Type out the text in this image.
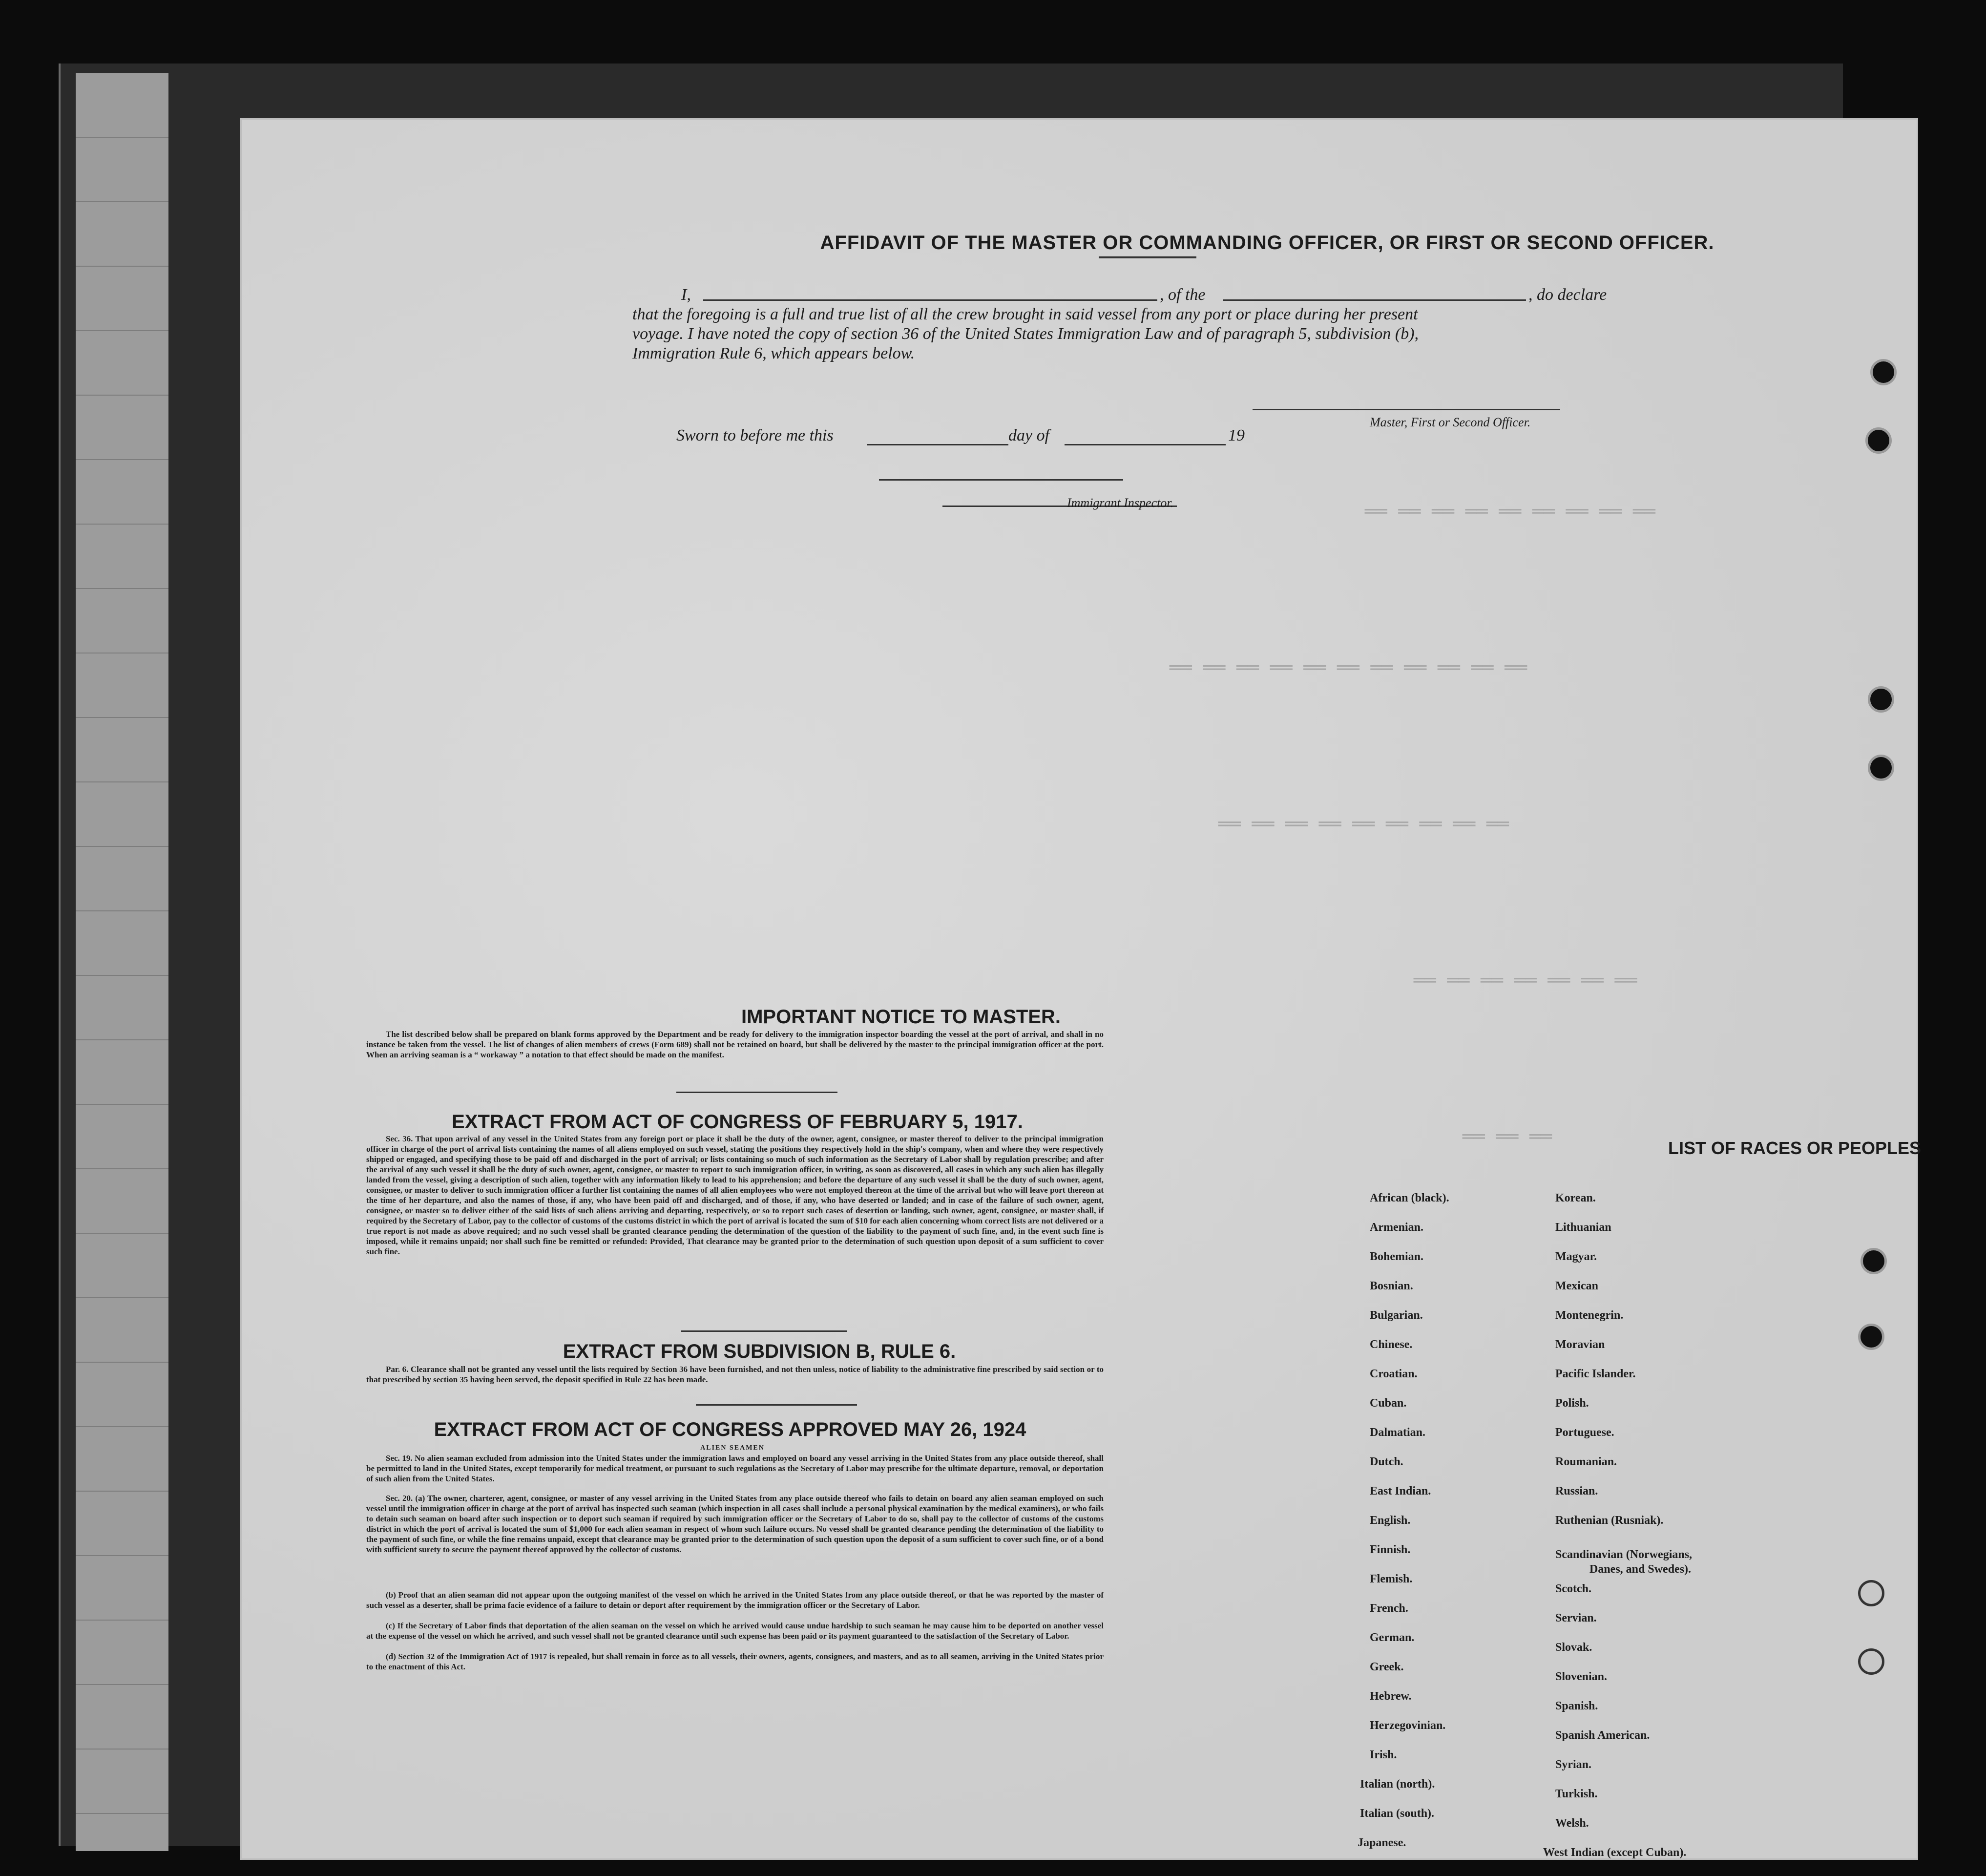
══ ══ ══ ══ ══ ══ ══ ══ ══
══ ══ ══ ══ ══ ══ ══ ══ ══ ══ ══
══ ══ ══ ══ ══ ══ ══ ══ ══
══ ══ ══ ══ ══ ══ ══
══ ══ ══
AFFIDAVIT OF THE MASTER OR COMMANDING OFFICER, OR FIRST OR SECOND OFFICER.
I,	, of the	, do declare
that the foregoing is a full and true list of all the crew brought in said vessel from any port or place during her present
voyage. I have noted the copy of section 36 of the United States Immigration Law and of paragraph 5, subdivision (b),
Immigration Rule 6, which appears below.
Master, First or Second Officer.
Sworn to before me this	day of	19
Immigrant Inspector.
IMPORTANT NOTICE TO MASTER.
The list described below shall be prepared on blank forms approved by the Department and be ready for delivery to the immigration inspector boarding the vessel at the port of arrival, and shall in no instance be taken from the vessel. The list of changes of alien members of crews (Form 689) shall not be retained on board, but shall be delivered by the master to the principal immigration officer at the port. When an arriving seaman is a “ workaway ” a notation to that effect should be made on the manifest.
EXTRACT FROM ACT OF CONGRESS OF FEBRUARY 5, 1917.
Sec. 36. That upon arrival of any vessel in the United States from any foreign port or place it shall be the duty of the owner, agent, consignee, or master thereof to deliver to the principal immigration officer in charge of the port of arrival lists containing the names of all aliens employed on such vessel, stating the positions they respectively hold in the ship's company, when and where they were respectively shipped or engaged, and specifying those to be paid off and discharged in the port of arrival; or lists containing so much of such information as the Secretary of Labor shall by regulation prescribe; and after the arrival of any such vessel it shall be the duty of such owner, agent, consignee, or master to report to such immigration officer, in writing, as soon as discovered, all cases in which any such alien has illegally landed from the vessel, giving a description of such alien, together with any information likely to lead to his apprehension; and before the departure of any such vessel it shall be the duty of such owner, agent, consignee, or master to deliver to such immigration officer a further list containing the names of all alien employees who were not employed thereon at the time of the arrival but who will leave port thereon at the time of her departure, and also the names of those, if any, who have been paid off and discharged, and of those, if any, who have deserted or landed; and in case of the failure of such owner, agent, consignee, or master so to deliver either of the said lists of such aliens arriving and departing, respectively, or so to report such cases of desertion or landing, such owner, agent, consignee, or master shall, if required by the Secretary of Labor, pay to the collector of customs of the customs district in which the port of arrival is located the sum of $10 for each alien concerning whom correct lists are not delivered or a true report is not made as above required; and no such vessel shall be granted clearance pending the determination of the question of the liability to the payment of such fine, and, in the event such fine is imposed, while it remains unpaid; nor shall such fine be remitted or refunded: Provided, That clearance may be granted prior to the determination of such question upon deposit of a sum sufficient to cover such fine.
EXTRACT FROM SUBDIVISION B, RULE 6.
Par. 6. Clearance shall not be granted any vessel until the lists required by Section 36 have been furnished, and not then unless, notice of liability to the administrative fine prescribed by said section or to that prescribed by section 35 having been served, the deposit specified in Rule 22 has been made.
EXTRACT FROM ACT OF CONGRESS APPROVED MAY 26, 1924
ALIEN SEAMEN
Sec. 19. No alien seaman excluded from admission into the United States under the immigration laws and employed on board any vessel arriving in the United States from any place outside thereof, shall be permitted to land in the United States, except temporarily for medical treatment, or pursuant to such regulations as the Secretary of Labor may prescribe for the ultimate departure, removal, or deportation of such alien from the United States.
Sec. 20. (a) The owner, charterer, agent, consignee, or master of any vessel arriving in the United States from any place outside thereof who fails to detain on board any alien seaman employed on such vessel until the immigration officer in charge at the port of arrival has inspected such seaman (which inspection in all cases shall include a personal physical examination by the medical examiners), or who fails to detain such seaman on board after such inspection or to deport such seaman if required by such immigration officer or the Secretary of Labor to do so, shall pay to the collector of customs of the customs district in which the port of arrival is located the sum of $1,000 for each alien seaman in respect of whom such failure occurs. No vessel shall be granted clearance pending the determination of the liability to the payment of such fine, or while the fine remains unpaid, except that clearance may be granted prior to the determination of such question upon the deposit of a sum sufficient to cover such fine, or of a bond with sufficient surety to secure the payment thereof approved by the collector of customs.
(b) Proof that an alien seaman did not appear upon the outgoing manifest of the vessel on which he arrived in the United States from any place outside thereof, or that he was reported by the master of such vessel as a deserter, shall be prima facie evidence of a failure to detain or deport after requirement by the immigration officer or the Secretary of Labor.
(c) If the Secretary of Labor finds that deportation of the alien seaman on the vessel on which he arrived would cause undue hardship to such seaman he may cause him to be deported on another vessel at the expense of the vessel on which he arrived, and such vessel shall not be granted clearance until such expense has been paid or its payment guaranteed to the satisfaction of the Secretary of Labor.
(d) Section 32 of the Immigration Act of 1917 is repealed, but shall remain in force as to all vessels, their owners, agents, consignees, and masters, and as to all seamen, arriving in the United States prior to the enactment of this Act.
LIST OF RACES OR PEOPLES
African (black).
Armenian.
Bohemian.
Bosnian.
Bulgarian.
Chinese.
Croatian.
Cuban.
Dalmatian.
Dutch.
East Indian.
English.
Finnish.
Flemish.
French.
German.
Greek.
Hebrew.
Herzegovinian.
Irish.
Italian (north).
Italian (south).
Japanese.
Korean.
Lithuanian
Magyar.
Mexican
Montenegrin.
Moravian
Pacific Islander.
Polish.
Portuguese.
Roumanian.
Russian.
Ruthenian (Rusniak).
Scandinavian (Norwegians,
Danes, and Swedes).
Scotch.
Servian.
Slovak.
Slovenian.
Spanish.
Spanish American.
Syrian.
Turkish.
Welsh.
West Indian (except Cuban).
